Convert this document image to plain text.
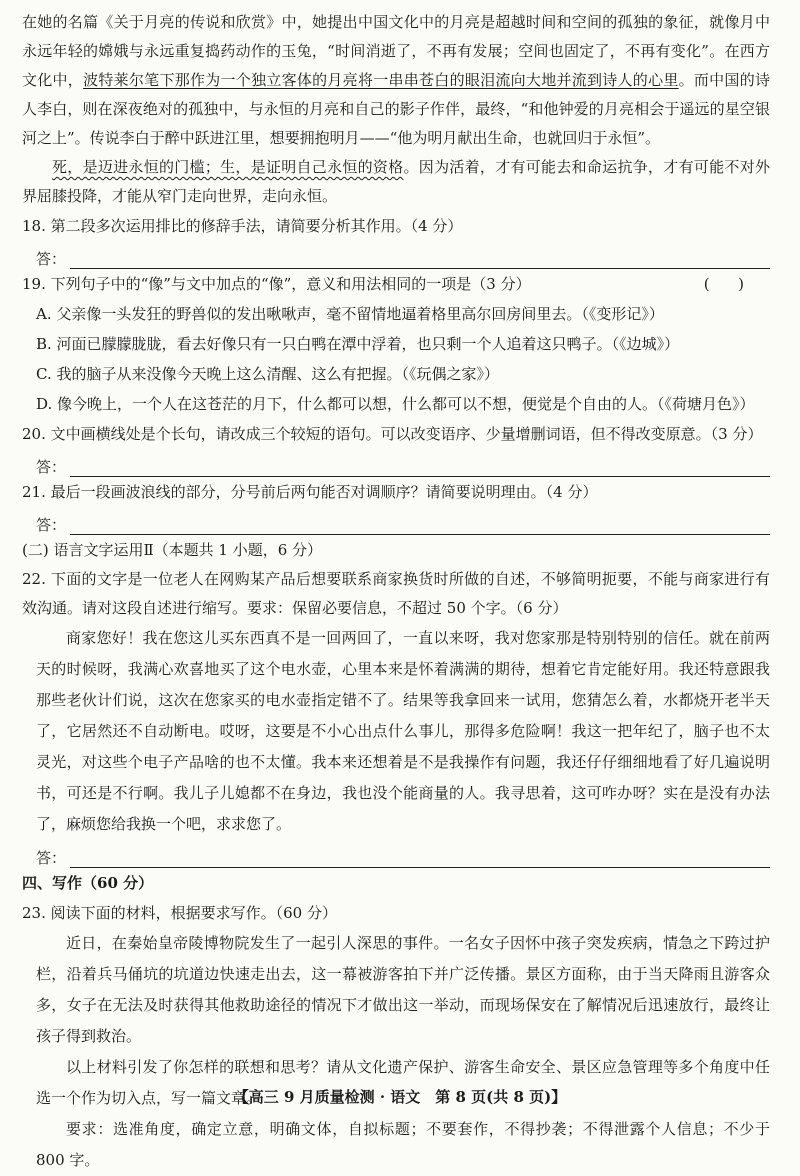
在她的名篇《关于月亮的传说和欣赏》中，她提出中国文化中的月亮是超越时间和空间的孤独的象征，就像月中永远年轻的嫦娥与永远重复捣药动作的玉兔，“时间消逝了，不再有发展；空间也固定了，不再有变化”。在西方文化中，波特莱尔笔下那作为一个独立客体的月亮将一串串苍白的眼泪流向大地并流到诗人的心里。而中国的诗人李白，则在深夜绝对的孤独中，与永恒的月亮和自己的影子作伴，最终，“和他钟爱的月亮相会于遥远的星空银河之上”。传说李白于醉中跃进江里，想要拥抱明月——“他为明月献出生命，也就回归于永恒”。

死，是迈进永恒的门槛；生，是证明自己永恒的资格。因为活着，才有可能去和命运抗争，才有可能不对外界屈膝投降，才能从窄门走向世界，走向永恒。

18. 第二段多次运用排比的修辞手法，请简要分析其作用。（4 分）

答：

19. 下列句子中的“像”与文中加点的“像”，意义和用法相同的一项是（3 分）	(      )

A. 父亲像一头发狂的野兽似的发出啾啾声，毫不留情地逼着格里高尔回房间里去。（《变形记》）

B. 河面已朦朦胧胧，看去好像只有一只白鸭在潭中浮着，也只剩一个人追着这只鸭子。（《边城》）

C. 我的脑子从来没像今天晚上这么清醒、这么有把握。（《玩偶之家》）

D. 像今晚上，一个人在这苍茫的月下，什么都可以想，什么都可以不想，便觉是个自由的人。（《荷塘月色》）

20. 文中画横线处是个长句，请改成三个较短的语句。可以改变语序、少量增删词语，但不得改变原意。（3 分）

答：

21. 最后一段画波浪线的部分，分号前后两句能否对调顺序？请简要说明理由。（4 分）

答：

(二) 语言文字运用Ⅱ（本题共 1 小题，6 分）

22. 下面的文字是一位老人在网购某产品后想要联系商家换货时所做的自述，不够简明扼要，不能与商家进行有效沟通。请对这段自述进行缩写。要求：保留必要信息，不超过 50 个字。（6 分）

商家您好！我在您这儿买东西真不是一回两回了，一直以来呀，我对您家那是特别特别的信任。就在前两天的时候呀，我满心欢喜地买了这个电水壶，心里本来是怀着满满的期待，想着它肯定能好用。我还特意跟我那些老伙计们说，这次在您家买的电水壶指定错不了。结果等我拿回来一试用，您猜怎么着，水都烧开老半天了，它居然还不自动断电。哎呀，这要是不小心出点什么事儿，那得多危险啊！我这一把年纪了，脑子也不太灵光，对这些个电子产品啥的也不太懂。我本来还想着是不是我操作有问题，我还仔仔细细地看了好几遍说明书，可还是不行啊。我儿子儿媳都不在身边，我也没个能商量的人。我寻思着，这可咋办呀？实在是没有办法了，麻烦您给我换一个吧，求求您了。

答：

四、写作（60 分）

23. 阅读下面的材料，根据要求写作。（60 分）

近日，在秦始皇帝陵博物院发生了一起引人深思的事件。一名女子因怀中孩子突发疾病，情急之下跨过护栏，沿着兵马俑坑的坑道边快速走出去，这一幕被游客拍下并广泛传播。景区方面称，由于当天降雨且游客众多，女子在无法及时获得其他救助途径的情况下才做出这一举动，而现场保安在了解情况后迅速放行，最终让孩子得到救治。

以上材料引发了你怎样的联想和思考？请从文化遗产保护、游客生命安全、景区应急管理等多个角度中任选一个作为切入点，写一篇文章。

要求：选准角度，确定立意，明确文体，自拟标题；不要套作，不得抄袭；不得泄露个人信息；不少于 800 字。

【高三 9 月质量检测 · 语文　第 8 页(共 8 页)】
